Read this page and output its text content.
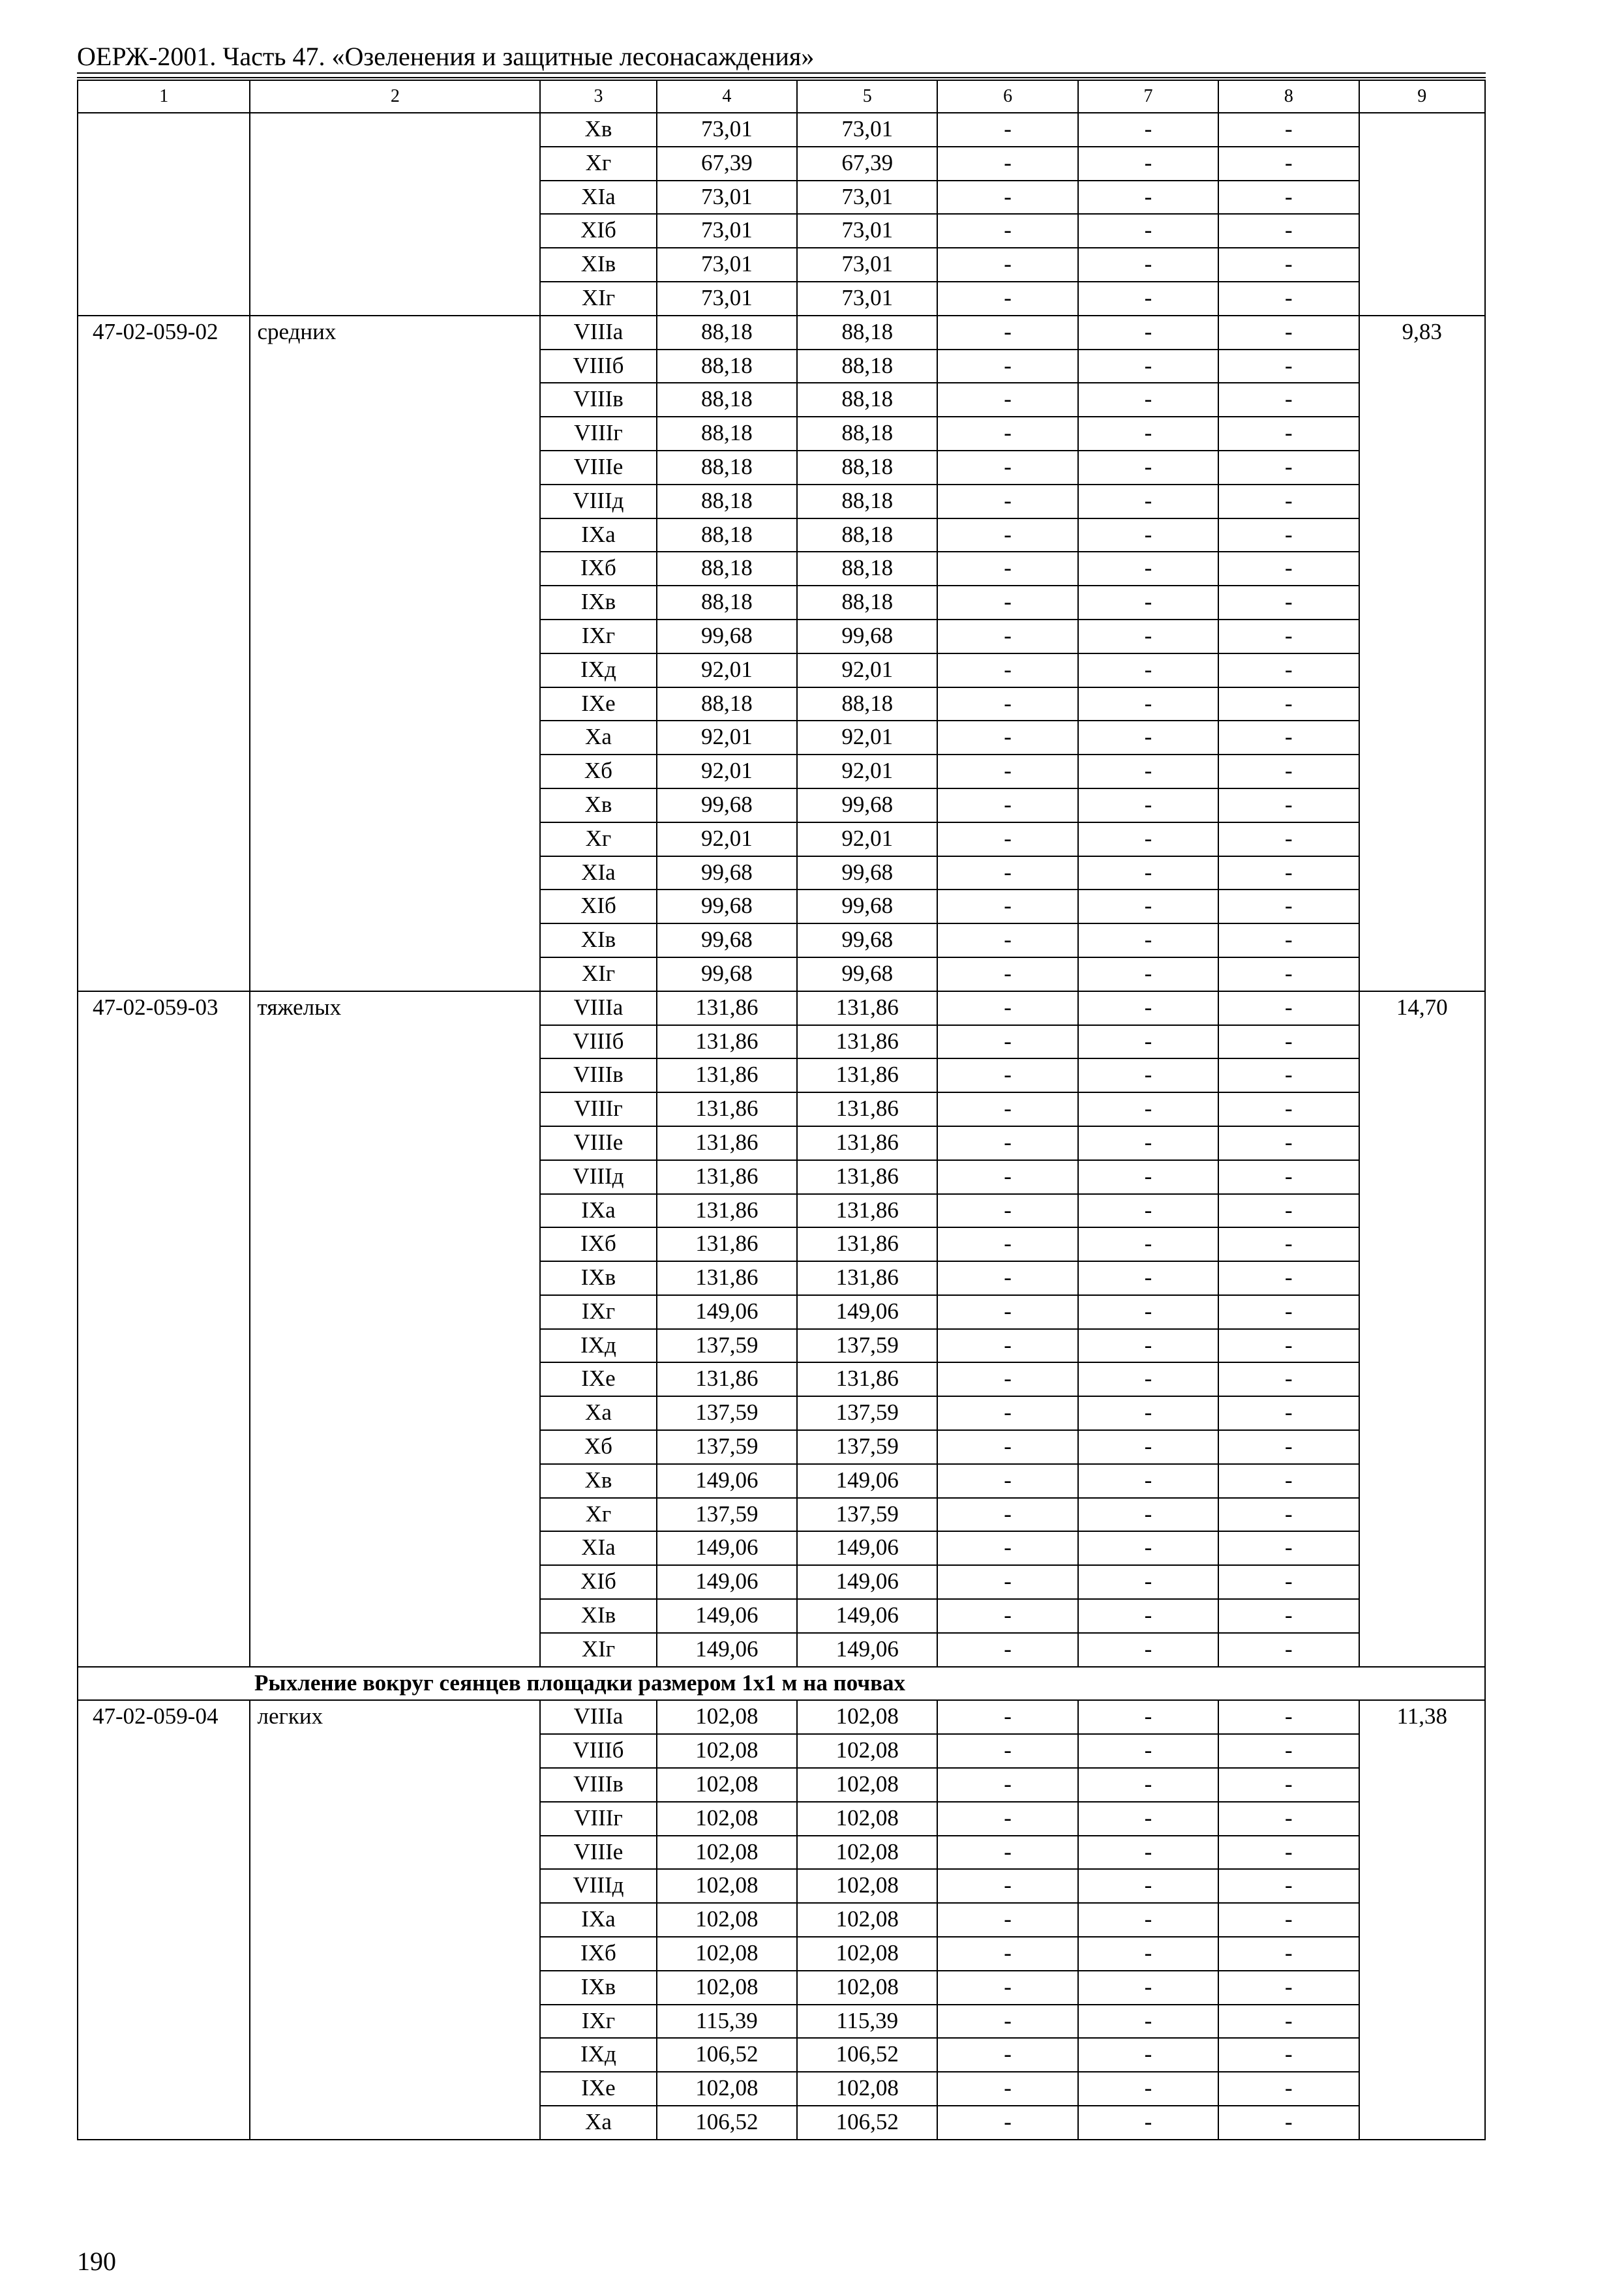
ОЕРЖ-2001. Часть 47. «Озеленения и защитные лесонасаждения»
1	2	3	4	5	6	7	8	9
		Xв	73,01	73,01	-	-	-	
		Xг	67,39	67,39	-	-	-	
		XIa	73,01	73,01	-	-	-	
		XIб	73,01	73,01	-	-	-	
		XIв	73,01	73,01	-	-	-	
		XIг	73,01	73,01	-	-	-	
47-02-059-02	средних	VIIIa	88,18	88,18	-	-	-	9,83
		VIIIб	88,18	88,18	-	-	-	
		VIIIв	88,18	88,18	-	-	-	
		VIIIг	88,18	88,18	-	-	-	
		VIIIe	88,18	88,18	-	-	-	
		VIIIд	88,18	88,18	-	-	-	
		IXa	88,18	88,18	-	-	-	
		IXб	88,18	88,18	-	-	-	
		IXв	88,18	88,18	-	-	-	
		IXг	99,68	99,68	-	-	-	
		IXд	92,01	92,01	-	-	-	
		IXe	88,18	88,18	-	-	-	
		Xa	92,01	92,01	-	-	-	
		Xб	92,01	92,01	-	-	-	
		Xв	99,68	99,68	-	-	-	
		Xг	92,01	92,01	-	-	-	
		XIa	99,68	99,68	-	-	-	
		XIб	99,68	99,68	-	-	-	
		XIв	99,68	99,68	-	-	-	
		XIг	99,68	99,68	-	-	-	
47-02-059-03	тяжелых	VIIIa	131,86	131,86	-	-	-	14,70
		VIIIб	131,86	131,86	-	-	-	
		VIIIв	131,86	131,86	-	-	-	
		VIIIг	131,86	131,86	-	-	-	
		VIIIe	131,86	131,86	-	-	-	
		VIIIд	131,86	131,86	-	-	-	
		IXa	131,86	131,86	-	-	-	
		IXб	131,86	131,86	-	-	-	
		IXв	131,86	131,86	-	-	-	
		IXг	149,06	149,06	-	-	-	
		IXд	137,59	137,59	-	-	-	
		IXe	131,86	131,86	-	-	-	
		Xa	137,59	137,59	-	-	-	
		Xб	137,59	137,59	-	-	-	
		Xв	149,06	149,06	-	-	-	
		Xг	137,59	137,59	-	-	-	
		XIa	149,06	149,06	-	-	-	
		XIб	149,06	149,06	-	-	-	
		XIв	149,06	149,06	-	-	-	
		XIг	149,06	149,06	-	-	-	
Рыхление вокруг сеянцев площадки размером 1x1 м на почвах								
47-02-059-04	легких	VIIIa	102,08	102,08	-	-	-	11,38
		VIIIб	102,08	102,08	-	-	-	
		VIIIв	102,08	102,08	-	-	-	
		VIIIг	102,08	102,08	-	-	-	
		VIIIe	102,08	102,08	-	-	-	
		VIIIд	102,08	102,08	-	-	-	
		IXa	102,08	102,08	-	-	-	
		IXб	102,08	102,08	-	-	-	
		IXв	102,08	102,08	-	-	-	
		IXг	115,39	115,39	-	-	-	
		IXд	106,52	106,52	-	-	-	
		IXe	102,08	102,08	-	-	-	
		Xa	106,52	106,52	-	-	-	
190
